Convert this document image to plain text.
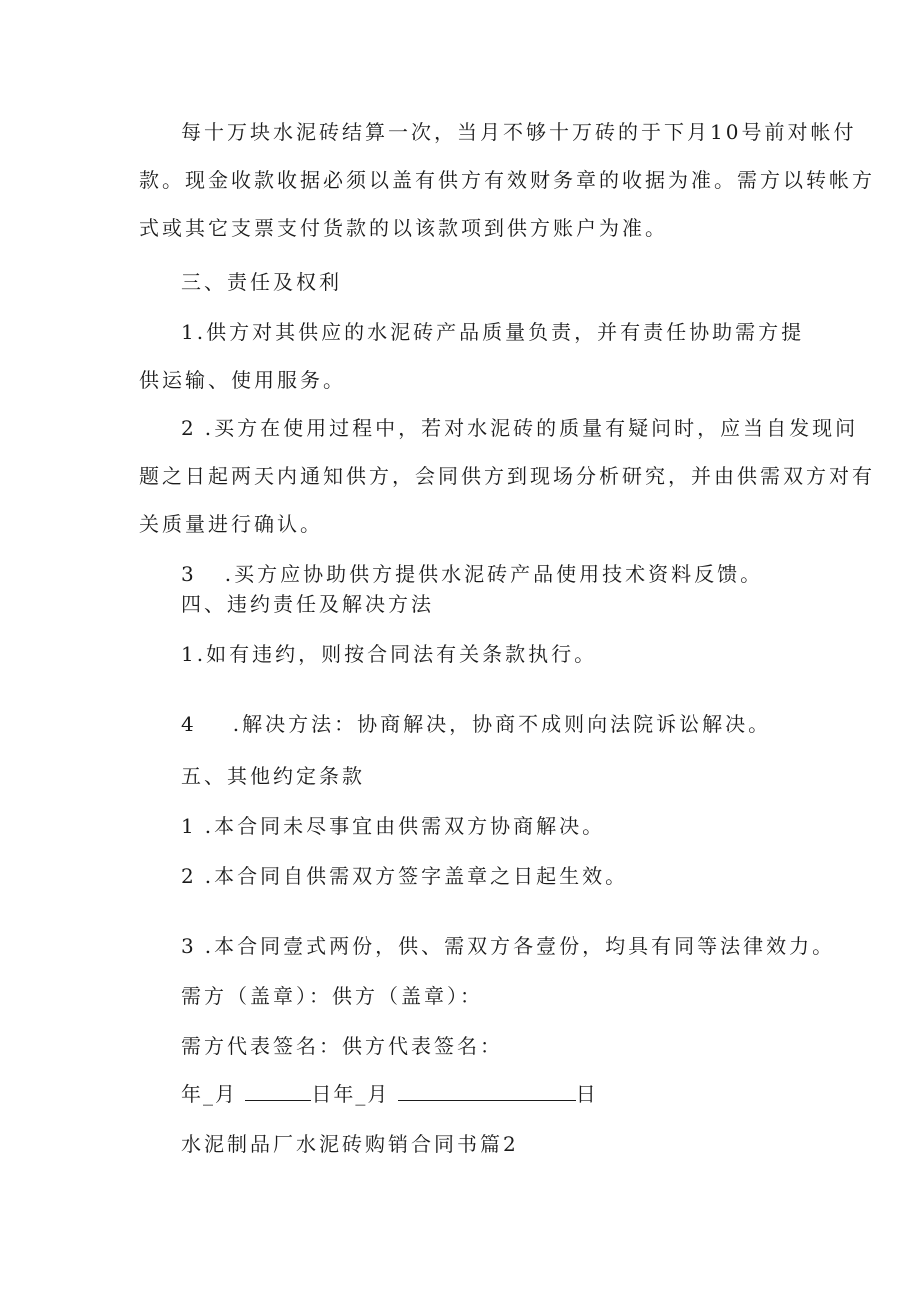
每十万块水泥砖结算一次，当月不够十万砖的于下月10号前对帐付

款。现金收款收据必须以盖有供方有效财务章的收据为准。需方以转帐方

式或其它支票支付货款的以该款项到供方账户为准。

三、责任及权利

1.供方对其供应的水泥砖产品质量负责，并有责任协助需方提

供运输、使用服务。

2 .买方在使用过程中，若对水泥砖的质量有疑问时，应当自发现问

题之日起两天内通知供方，会同供方到现场分析研究，并由供需双方对有

关质量进行确认。

3 .买方应协助供方提供水泥砖产品使用技术资料反馈。

四、违约责任及解决方法

1.如有违约，则按合同法有关条款执行。

4 .解决方法：协商解决，协商不成则向法院诉讼解决。

五、其他约定条款

1 .本合同未尽事宜由供需双方协商解决。

2 .本合同自供需双方签字盖章之日起生效。

3 .本合同壹式两份，供、需双方各壹份，均具有同等法律效力。

需方（盖章）：供方（盖章）：

需方代表签名：供方代表签名：

年_月	日年_月	日

水泥制品厂水泥砖购销合同书篇2
